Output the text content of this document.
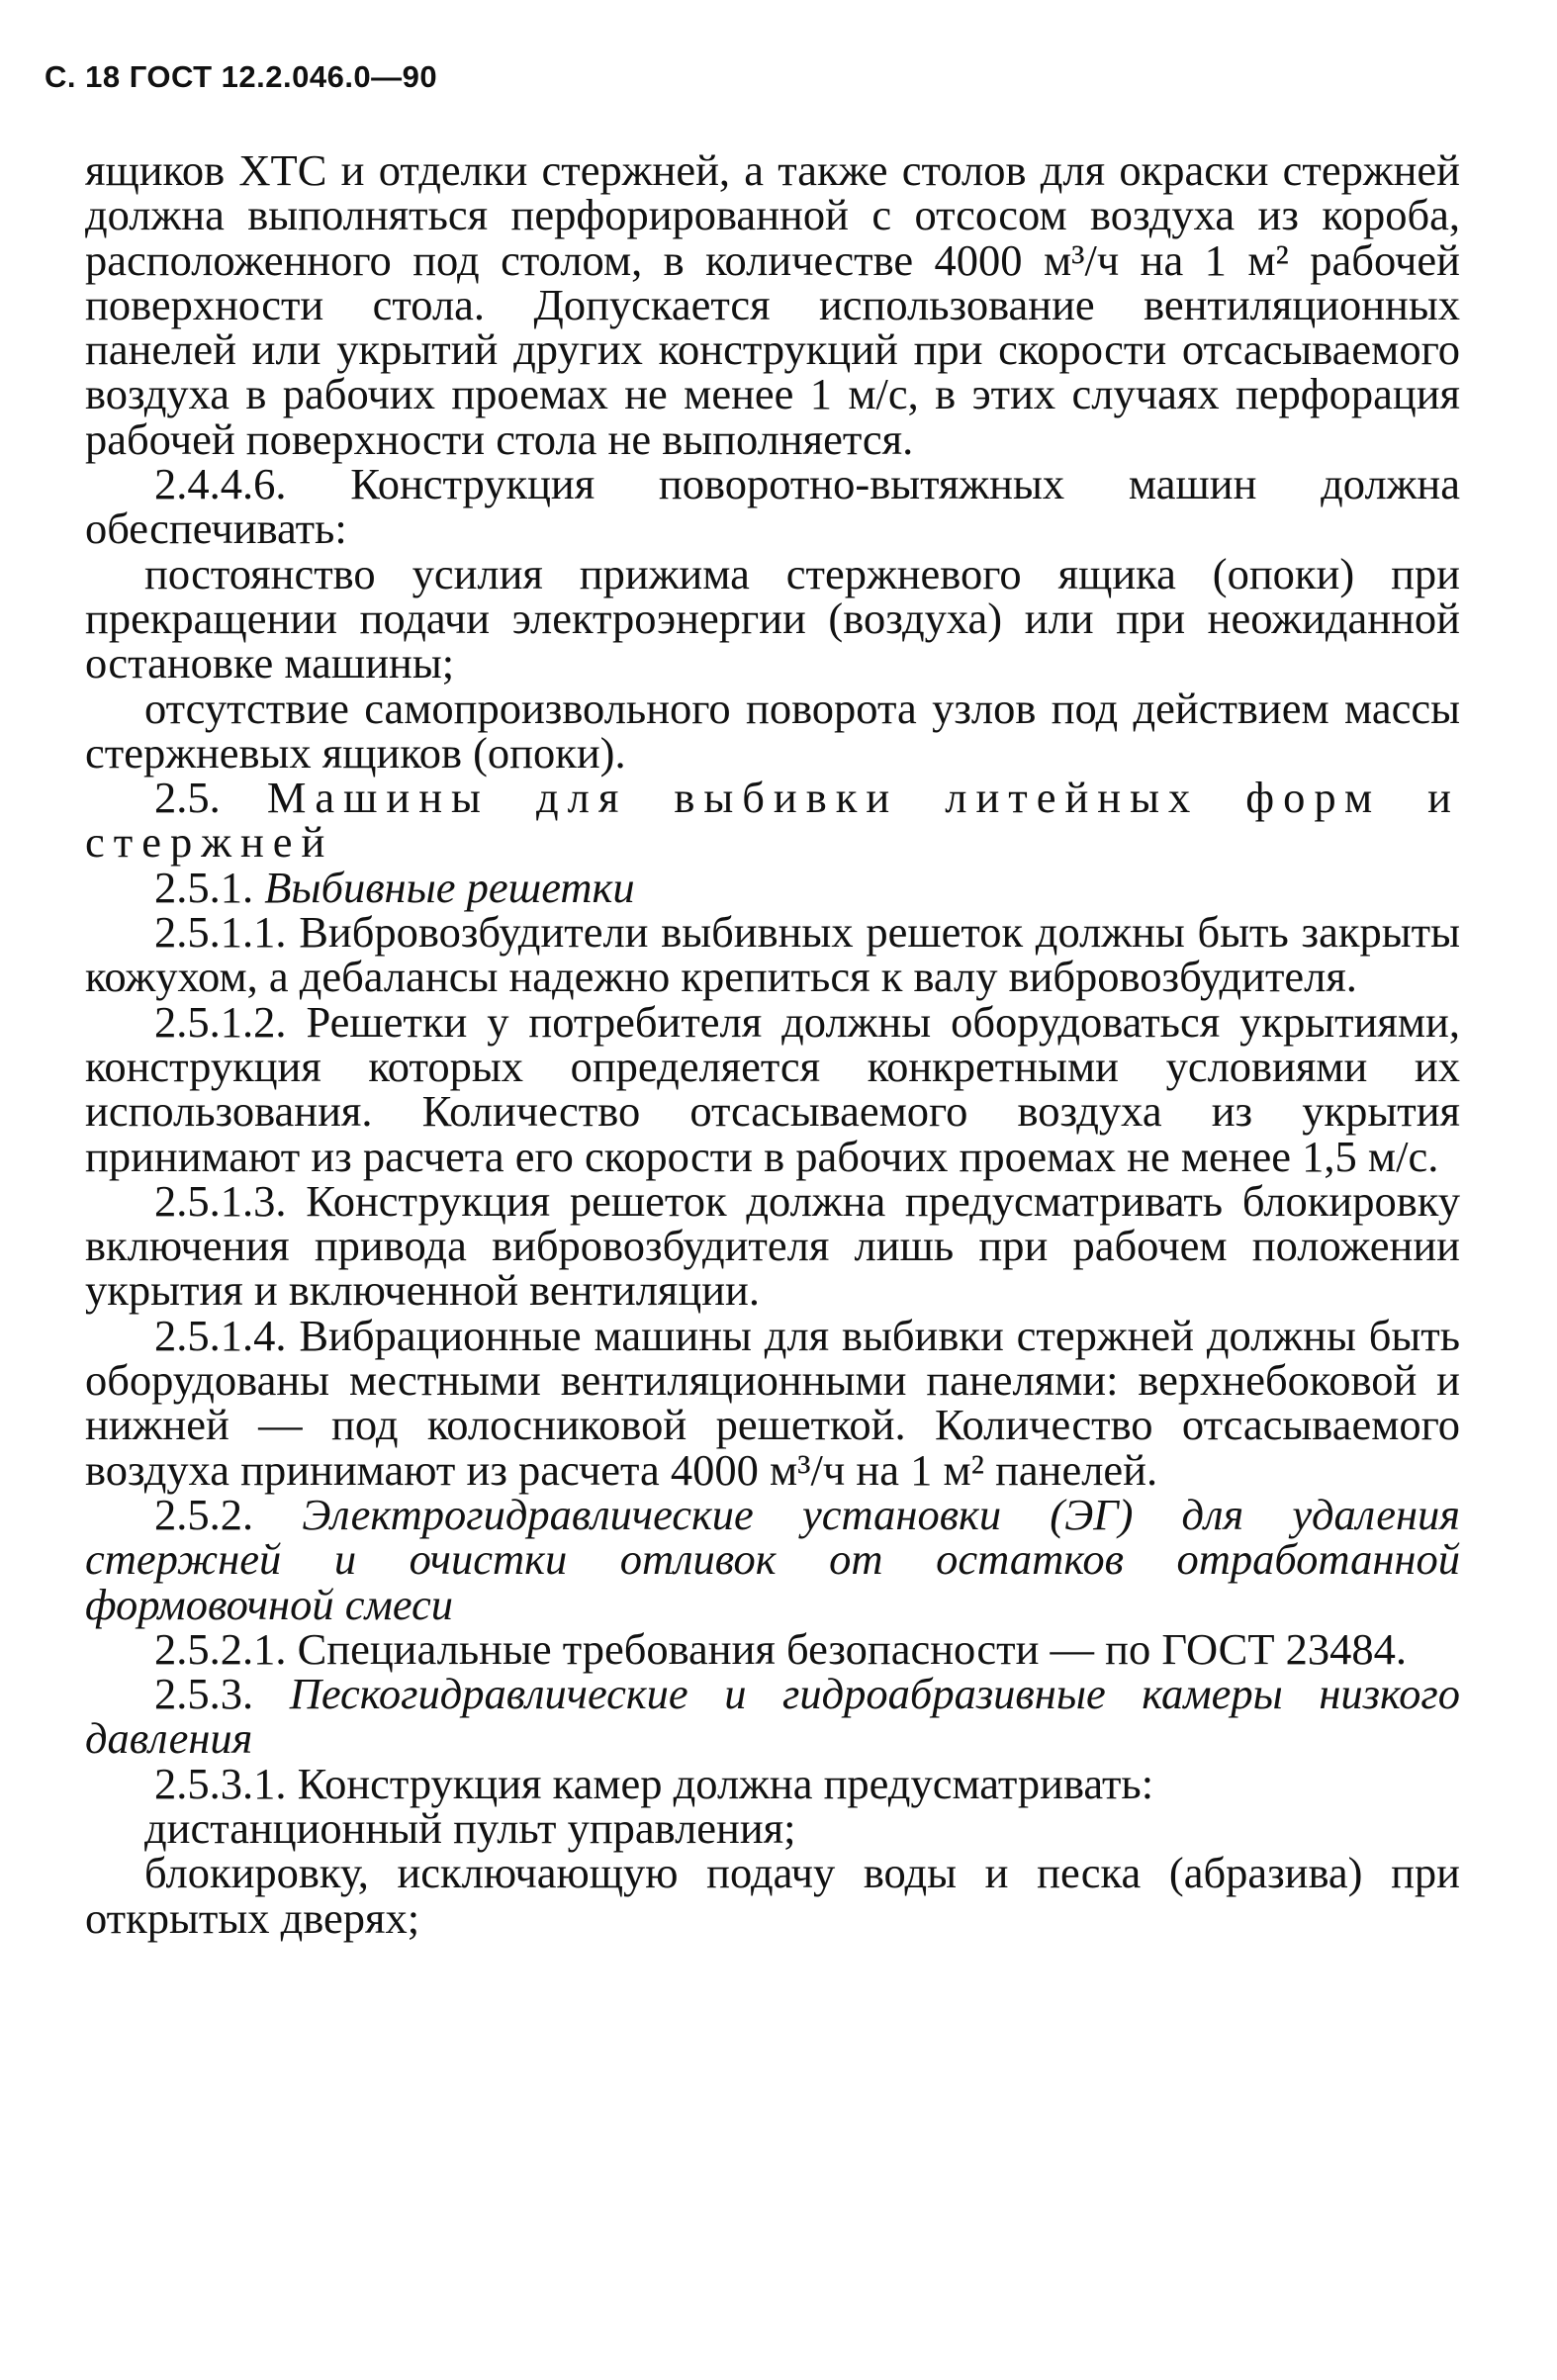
С. 18 ГОСТ 12.2.046.0—90

ящиков ХТС и отделки стержней, а также столов для окраски стержней должна выполняться перфорированной с отсосом воздуха из короба, расположенного под столом, в количестве 4000 м³/ч на 1 м² рабочей поверхности стола. Допускается использование вентиляционных панелей или укрытий других конструкций при скорости отсасываемого воздуха в рабочих проемах не менее 1 м/с, в этих случаях перфорация рабочей поверхности стола не выполняется.

2.4.4.6. Конструкция поворотно-вытяжных машин должна обеспечивать:

постоянство усилия прижима стержневого ящика (опоки) при прекращении подачи электроэнергии (воздуха) или при неожиданной остановке машины;

отсутствие самопроизвольного поворота узлов под действием массы стержневых ящиков (опоки).

2.5. Машины для выбивки литейных форм и стержней

2.5.1. Выбивные решетки

2.5.1.1. Вибровозбудители выбивных решеток должны быть закрыты кожухом, а дебалансы надежно крепиться к валу вибровозбудителя.

2.5.1.2. Решетки у потребителя должны оборудоваться укрытиями, конструкция которых определяется конкретными условиями их использования. Количество отсасываемого воздуха из укрытия принимают из расчета его скорости в рабочих проемах не менее 1,5 м/с.

2.5.1.3. Конструкция решеток должна предусматривать блокировку включения привода вибровозбудителя лишь при рабочем положении укрытия и включенной вентиляции.

2.5.1.4. Вибрационные машины для выбивки стержней должны быть оборудованы местными вентиляционными панелями: верхнебоковой и нижней — под колосниковой решеткой. Количество отсасываемого воздуха принимают из расчета 4000 м³/ч на 1 м² панелей.

2.5.2. Электрогидравлические установки (ЭГ) для удаления стержней и очистки отливок от остатков отработанной формовочной смеси

2.5.2.1. Специальные требования безопасности — по ГОСТ 23484.

2.5.3. Пескогидравлические и гидроабразивные камеры низкого давления

2.5.3.1. Конструкция камер должна предусматривать:

дистанционный пульт управления;

блокировку, исключающую подачу воды и песка (абразива) при открытых дверях;
